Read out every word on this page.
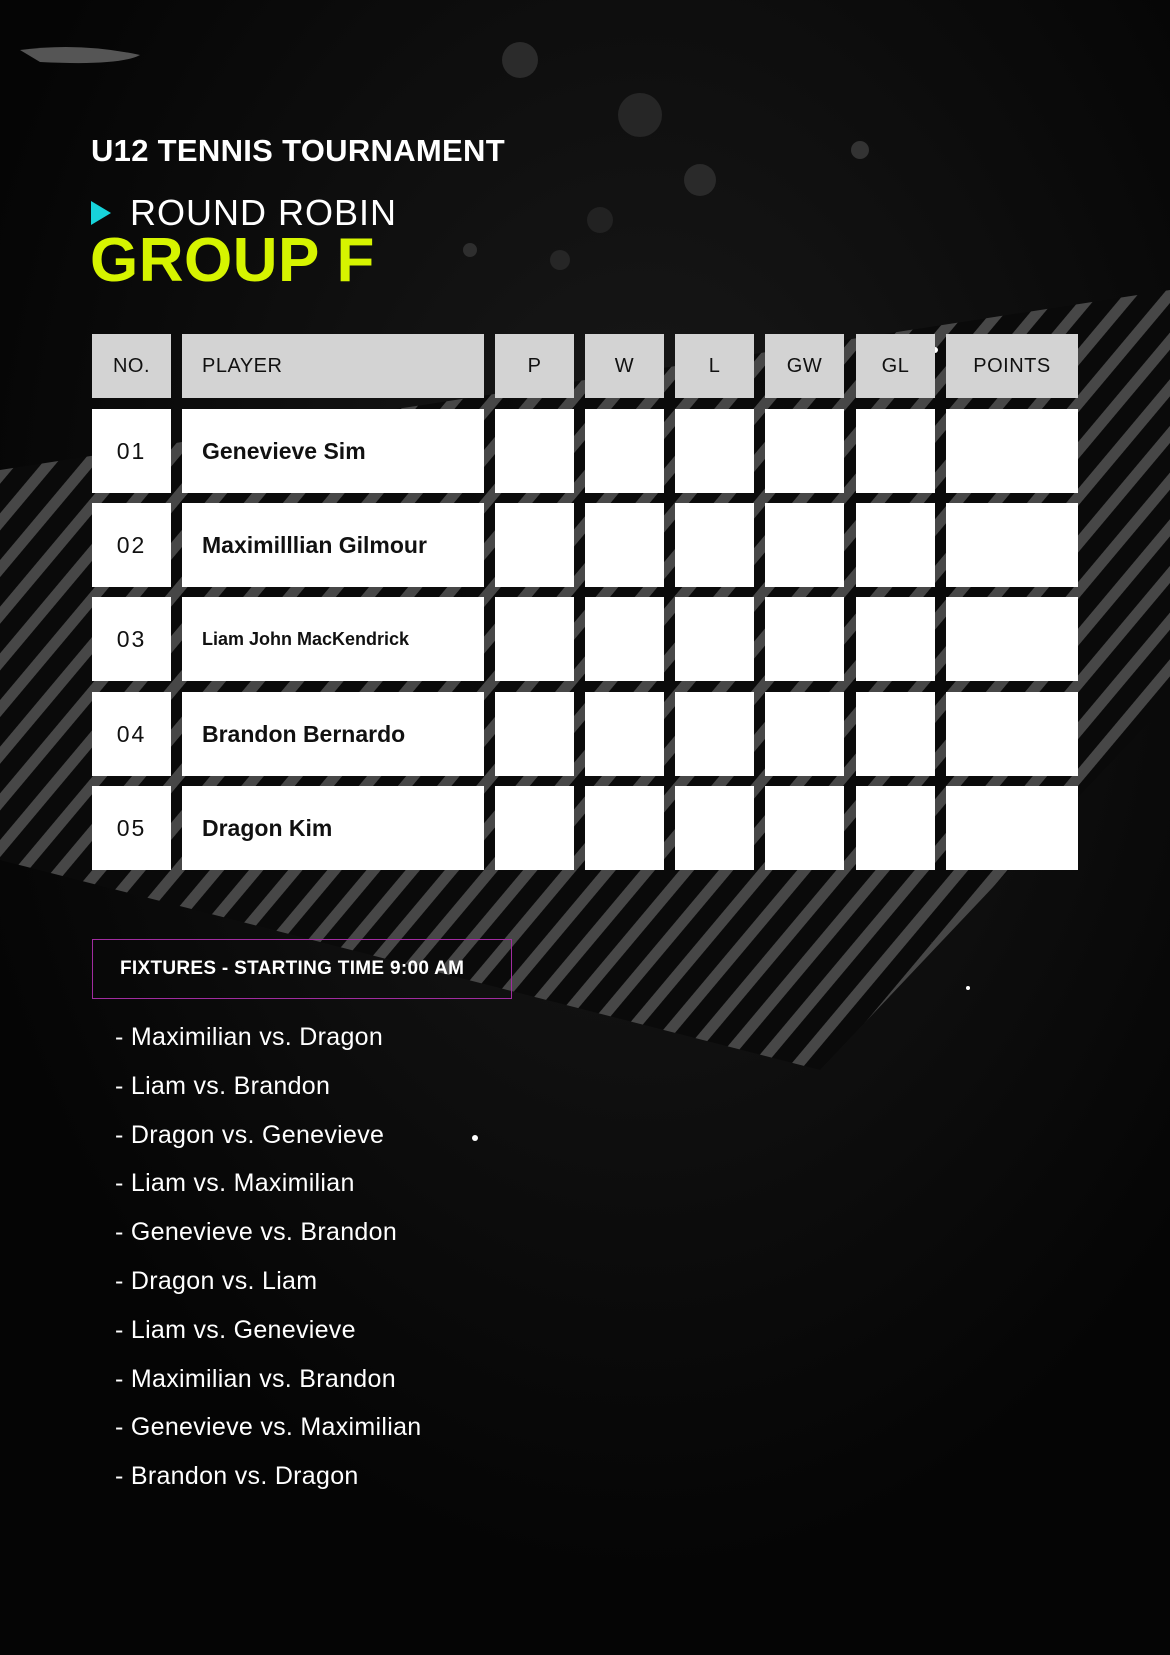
U12 TENNIS TOURNAMENT
ROUND ROBIN
GROUP F
NO.	PLAYER	P	W	L	GW	GL	POINTS
01	Genevieve Sim
02	Maximilllian Gilmour
03	Liam John MacKendrick
04	Brandon Bernardo
05	Dragon Kim
FIXTURES - STARTING TIME 9:00 AM
- Maximilian vs. Dragon
- Liam vs. Brandon
- Dragon vs. Genevieve
- Liam vs. Maximilian
- Genevieve vs. Brandon
- Dragon vs. Liam
- Liam vs. Genevieve
- Maximilian vs. Brandon
- Genevieve vs. Maximilian
- Brandon vs. Dragon
